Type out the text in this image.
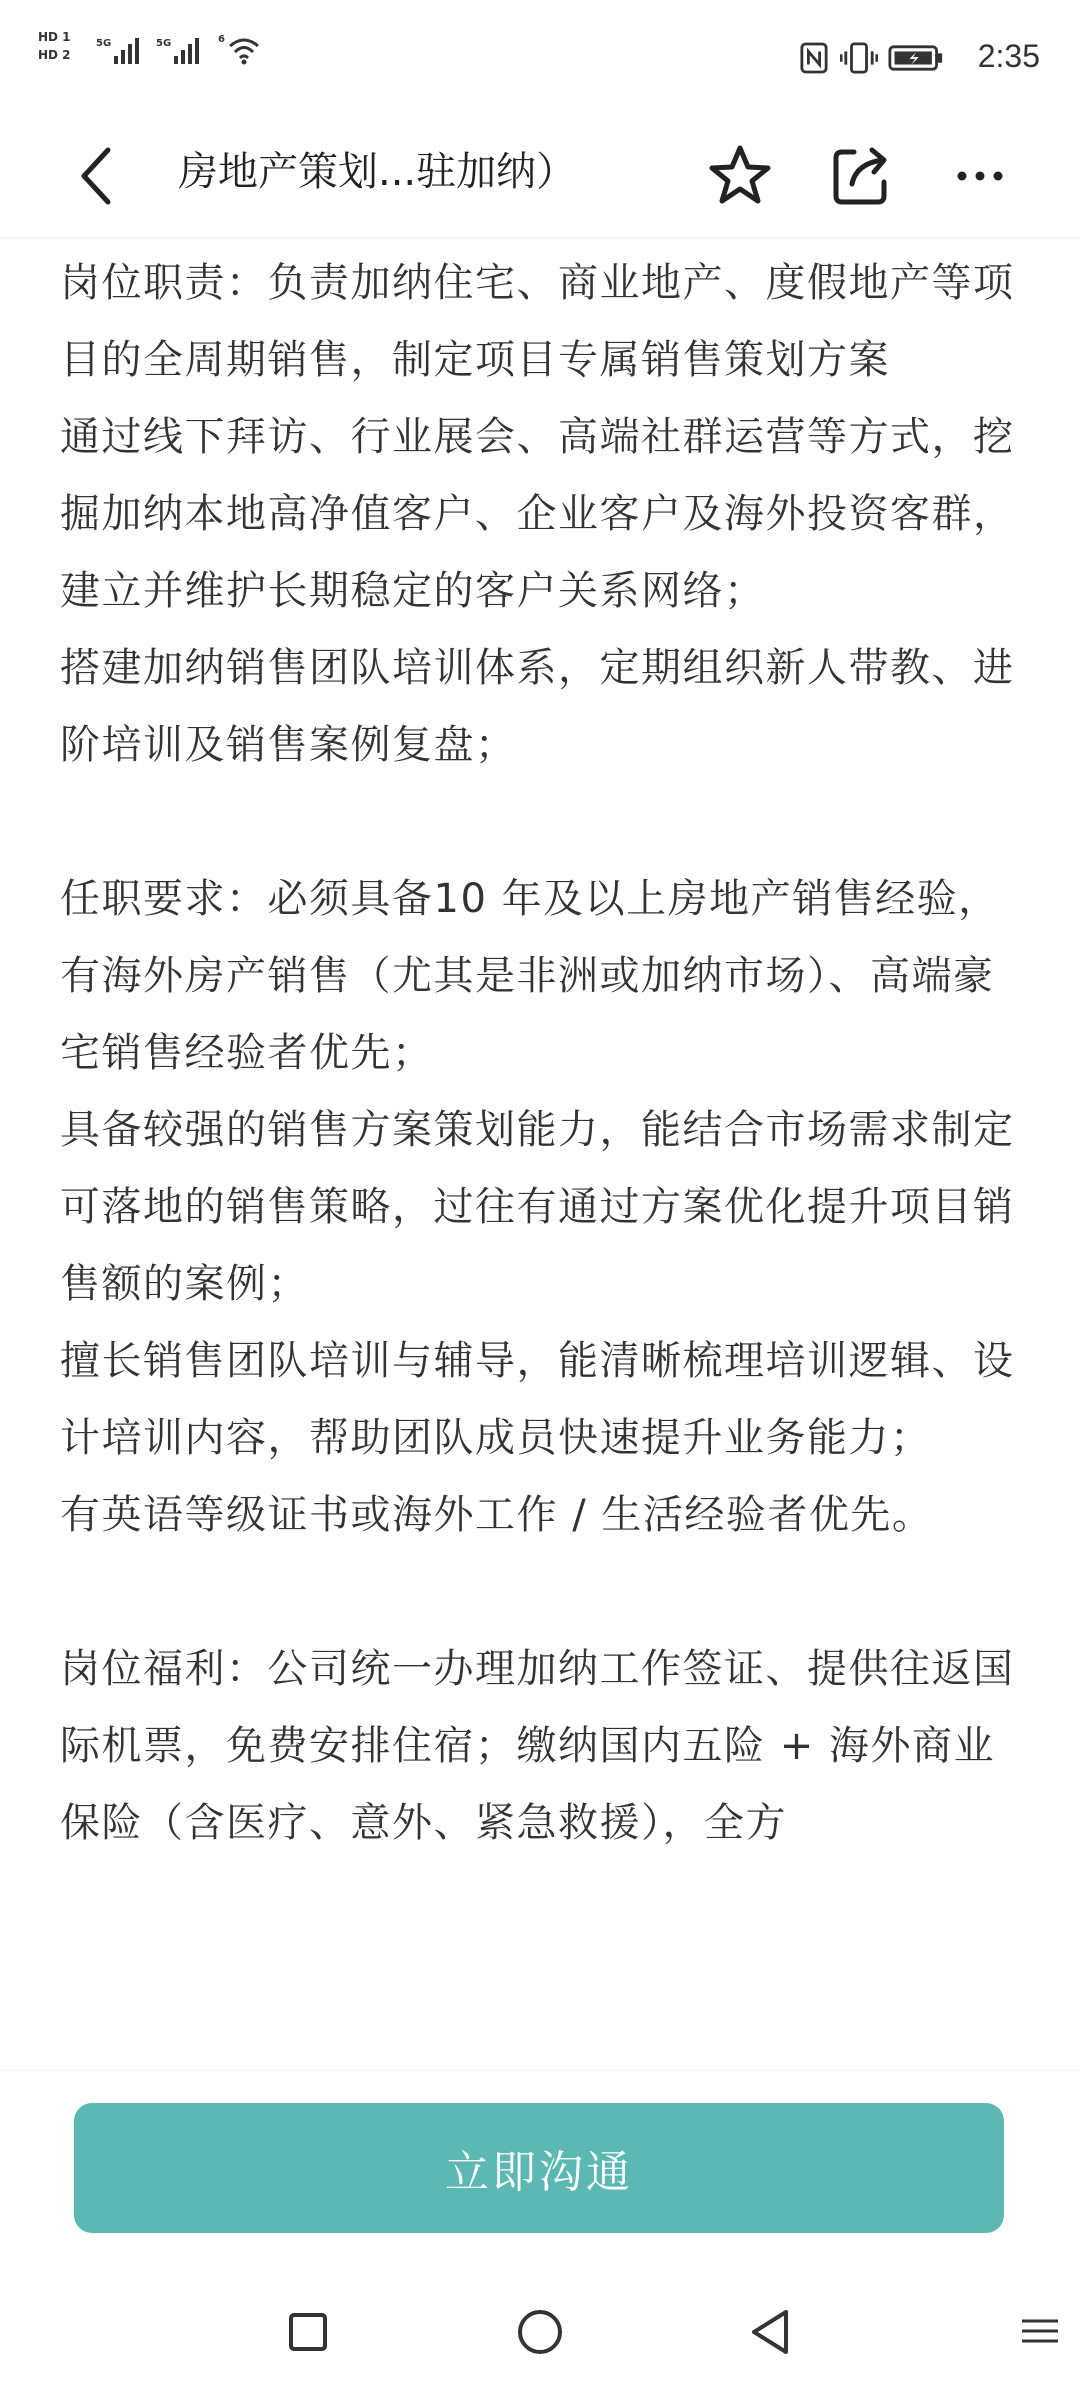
HD 1
HD 2
5G	5G	6	2:35
房地产策划...驻加纳）

岗位职责：负责加纳住宅、商业地产、度假地产等项目的全周期销售，制定项目专属销售策划方案

通过线下拜访、行业展会、高端社群运营等方式，挖掘加纳本地高净值客户、企业客户及海外投资客群，建立并维护长期稳定的客户关系网络；

搭建加纳销售团队培训体系，定期组织新人带教、进阶培训及销售案例复盘；

任职要求：必须具备10 年及以上房地产销售经验，有海外房产销售（尤其是非洲或加纳市场）、高端豪宅销售经验者优先；

具备较强的销售方案策划能力，能结合市场需求制定可落地的销售策略，过往有通过方案优化提升项目销售额的案例；

擅长销售团队培训与辅导，能清晰梳理培训逻辑、设计培训内容，帮助团队成员快速提升业务能力；

有英语等级证书或海外工作 / 生活经验者优先。

岗位福利：公司统一办理加纳工作签证、提供往返国际机票，免费安排住宿；缴纳国内五险 + 海外商业保险（含医疗、意外、紧急救援），全方

立即沟通
